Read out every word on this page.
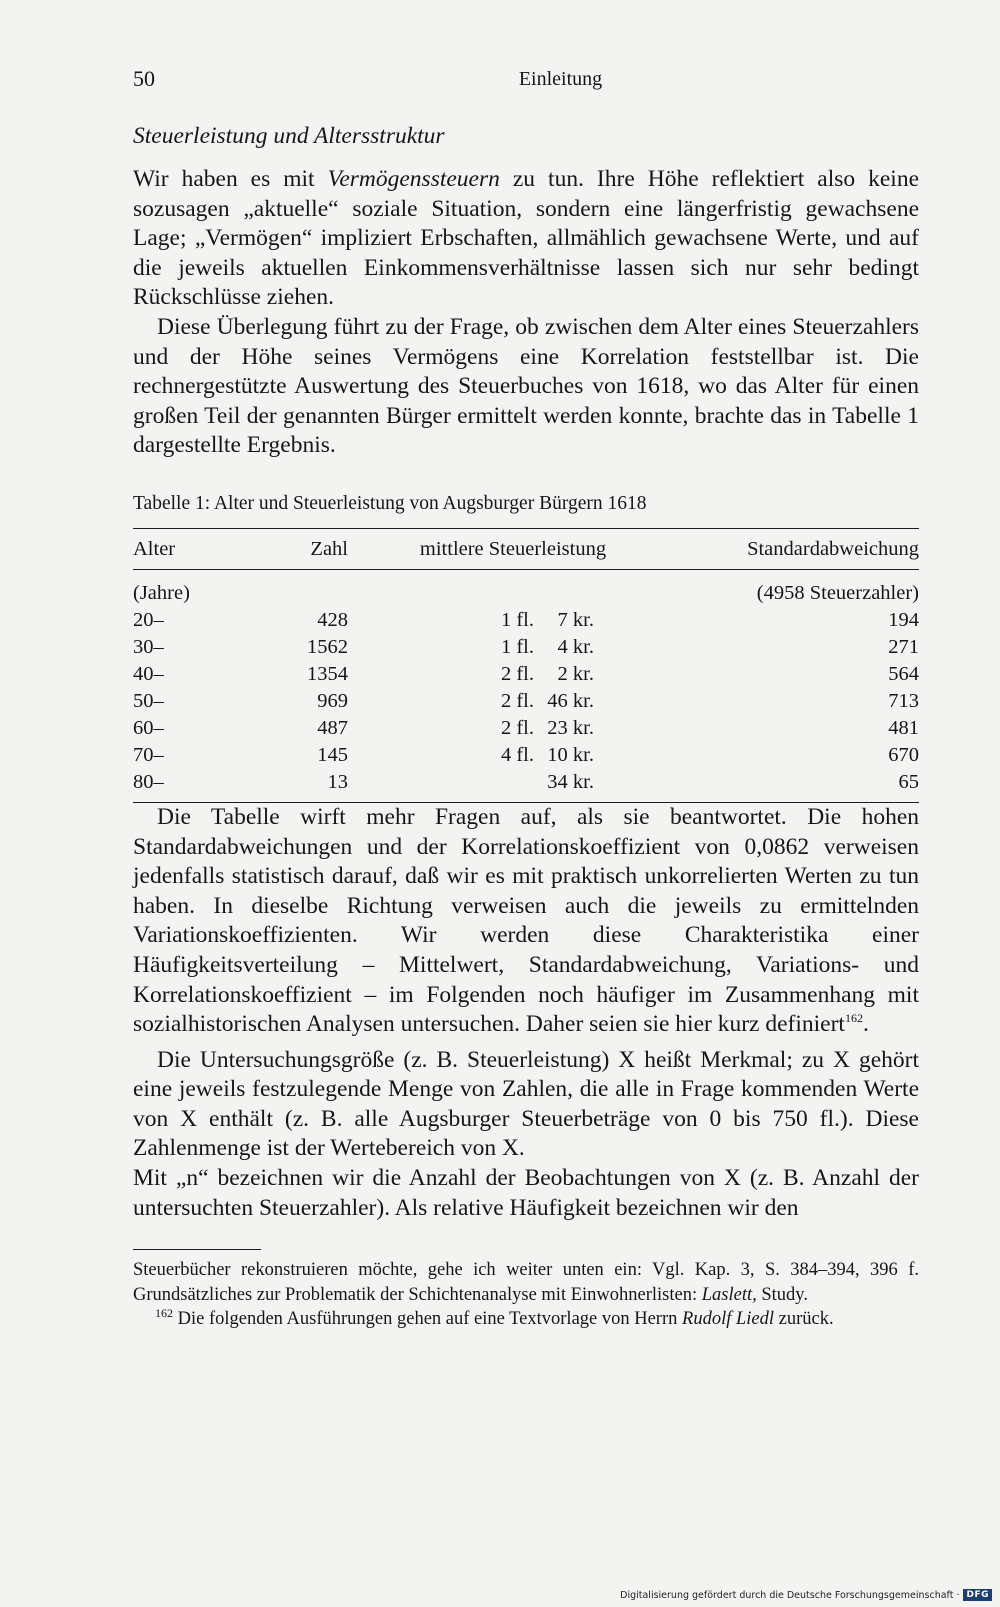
50	Einleitung
Steuerleistung und Altersstruktur

Wir haben es mit Vermögenssteuern zu tun. Ihre Höhe reflektiert also keine sozusagen „aktuelle“ soziale Situation, sondern eine längerfristig gewachsene Lage; „Vermögen“ impliziert Erbschaften, allmählich gewachsene Werte, und auf die jeweils aktuellen Einkommensverhältnisse lassen sich nur sehr bedingt Rückschlüsse ziehen.

Diese Überlegung führt zu der Frage, ob zwischen dem Alter eines Steuerzahlers und der Höhe seines Vermögens eine Korrelation feststellbar ist. Die rechnergestützte Auswertung des Steuerbuches von 1618, wo das Alter für einen großen Teil der genannten Bürger ermittelt werden konnte, brachte das in Tabelle 1 dargestellte Ergebnis.

Tabelle 1: Alter und Steuerleistung von Augsburger Bürgern 1618
Alter	Zahl	mittlere Steuerleistung	Standardabweichung
(Jahre)			(4958 Steuerzahler)
20–	428	1 fl. 7 kr.	194
30–	1562	1 fl. 4 kr.	271
40–	1354	2 fl. 2 kr.	564
50–	969	2 fl. 46 kr.	713
60–	487	2 fl. 23 kr.	481
70–	145	4 fl. 10 kr.	670
80–	13	34 kr.	65

Die Tabelle wirft mehr Fragen auf, als sie beantwortet. Die hohen Standardabweichungen und der Korrelationskoeffizient von 0,0862 verweisen jedenfalls statistisch darauf, daß wir es mit praktisch unkorrelierten Werten zu tun haben. In dieselbe Richtung verweisen auch die jeweils zu ermittelnden Variationskoeffizienten. Wir werden diese Charakteristika einer Häufigkeitsverteilung – Mittelwert, Standardabweichung, Variations- und Korrelationskoeffizient – im Folgenden noch häufiger im Zusammenhang mit sozialhistorischen Analysen untersuchen. Daher seien sie hier kurz definiert$^{162}$.

Die Untersuchungsgröße (z. B. Steuerleistung) X heißt Merkmal; zu X gehört eine jeweils festzulegende Menge von Zahlen, die alle in Frage kommenden Werte von X enthält (z. B. alle Augsburger Steuerbeträge von 0 bis 750 fl.). Diese Zahlenmenge ist der Wertebereich von X.

Mit „n“ bezeichnen wir die Anzahl der Beobachtungen von X (z. B. Anzahl der untersuchten Steuerzahler). Als relative Häufigkeit bezeichnen wir den

Steuerbücher rekonstruieren möchte, gehe ich weiter unten ein: Vgl. Kap. 3, S. 384–394, 396 f. Grundsätzliches zur Problematik der Schichtenanalyse mit Einwohnerlisten: Laslett, Study.

$^{162}$ Die folgenden Ausführungen gehen auf eine Textvorlage von Herrn Rudolf Liedl zurück.

Digitalisierung gefördert durch die Deutsche Forschungsgemeinschaft · DFG
